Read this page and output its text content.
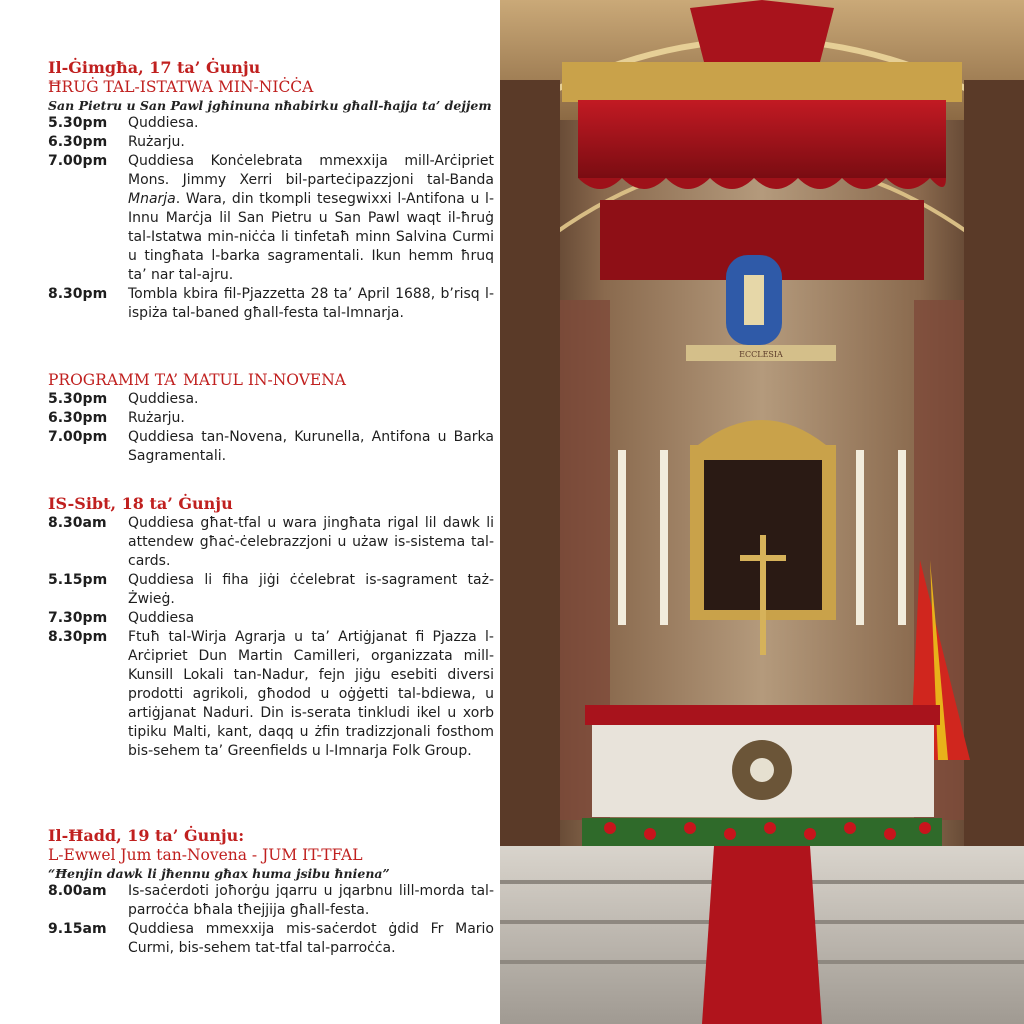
Il-Ġimgħa, 17 ta’ Ġunju
ĦRUĠ TAL-ISTATWA MIN-NIĊĊA
San Pietru u San Pawl jgħinuna nħabirku għall-ħajja ta’ dejjem
5.30pm	Quddiesa.
6.30pm	Rużarju.
7.00pm	Quddiesa Konċelebrata mmexxija mill-Arċipriet Mons. Jimmy Xerri bil-parteċipazzjoni tal-Banda Mnarja. Wara, din tkompli tesegwixxi l-Antifona u l-Innu Marċja lil San Pietru u San Pawl waqt il-ħruġ tal-Istatwa min-niċċa li tinfetaħ minn Salvina Curmi u tingħata l-barka sagramentali. Ikun hemm ħruq ta’ nar tal-ajru.
8.30pm	Tombla kbira fil-Pjazzetta 28 ta’ April 1688, b’risq l-ispiża tal-baned għall-festa tal-Imnarja.
PROGRAMM TA’ MATUL IN-NOVENA
5.30pm	Quddiesa.
6.30pm	Rużarju.
7.00pm	Quddiesa tan-Novena, Kurunella, Antifona u Barka Sagramentali.
IS-Sibt, 18 ta’ Ġunju
8.30am	Quddiesa għat-tfal u wara jingħata rigal lil dawk li attendew għaċ-ċelebrazzjoni u użaw is-sistema tal-cards.
5.15pm	Quddiesa li fiha jiġi ċċelebrat is-sagrament taż-Żwieġ.
7.30pm	Quddiesa
8.30pm	Ftuħ tal-Wirja Agrarja u ta’ Artiġjanat fi Pjazza l-Arċipriet Dun Martin Camilleri, organizzata mill-Kunsill Lokali tan-Nadur, fejn jiġu esebiti diversi prodotti agrikoli, għodod u oġġetti tal-bdiewa, u artiġjanat Naduri. Din is-serata tinkludi ikel u xorb tipiku Malti, kant, daqq u żfin tradizzjonali fosthom bis-sehem ta’ Greenfields u l-Imnarja Folk Group.
Il-Ħadd, 19 ta’ Ġunju:
L-Ewwel Jum tan-Novena - JUM IT-TFAL
“Ħenjin dawk li jħennu għax huma jsibu ħniena”
8.00am	Is-saċerdoti joħorġu jqarru u jqarbnu lill-morda tal-parroċċa bħala tħejjija għall-festa.
9.15am	Quddiesa mmexxija mis-saċerdot ġdid Fr Mario Curmi, bis-sehem tat-tfal tal-parroċċa.
ECCLESIA
